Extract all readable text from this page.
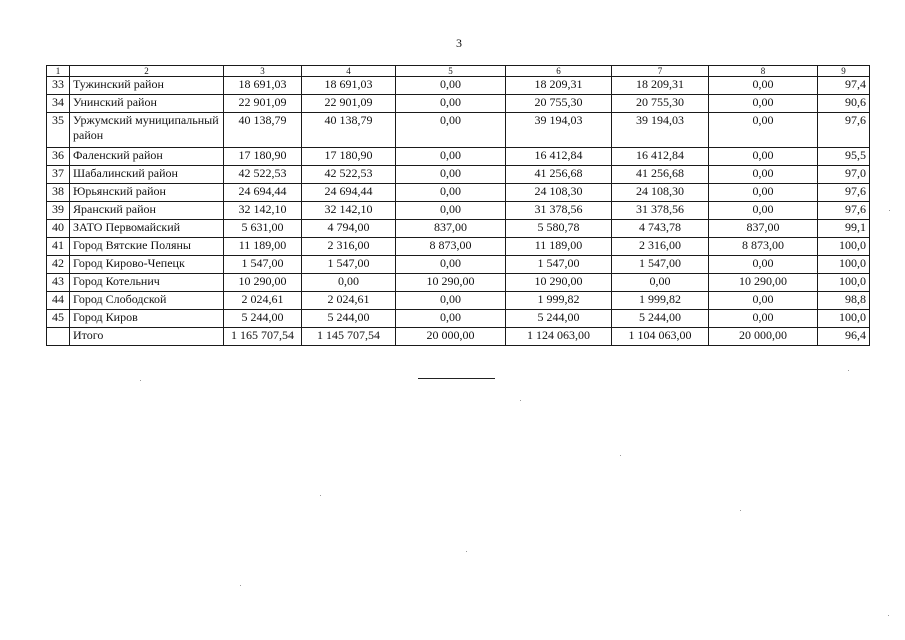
3
1	2	3	4	5	6	7	8	9
33	Тужинский район	18 691,03	18 691,03	0,00	18 209,31	18 209,31	0,00	97,4
34	Унинский район	22 901,09	22 901,09	0,00	20 755,30	20 755,30	0,00	90,6
35	Уржумский муниципальный район	40 138,79	40 138,79	0,00	39 194,03	39 194,03	0,00	97,6
36	Фаленский район	17 180,90	17 180,90	0,00	16 412,84	16 412,84	0,00	95,5
37	Шабалинский район	42 522,53	42 522,53	0,00	41 256,68	41 256,68	0,00	97,0
38	Юрьянский район	24 694,44	24 694,44	0,00	24 108,30	24 108,30	0,00	97,6
39	Яранский район	32 142,10	32 142,10	0,00	31 378,56	31 378,56	0,00	97,6
40	ЗАТО Первомайский	5 631,00	4 794,00	837,00	5 580,78	4 743,78	837,00	99,1
41	Город Вятские Поляны	11 189,00	2 316,00	8 873,00	11 189,00	2 316,00	8 873,00	100,0
42	Город Кирово-Чепецк	1 547,00	1 547,00	0,00	1 547,00	1 547,00	0,00	100,0
43	Город Котельнич	10 290,00	0,00	10 290,00	10 290,00	0,00	10 290,00	100,0
44	Город Слободской	2 024,61	2 024,61	0,00	1 999,82	1 999,82	0,00	98,8
45	Город Киров	5 244,00	5 244,00	0,00	5 244,00	5 244,00	0,00	100,0
	Итого	1 165 707,54	1 145 707,54	20 000,00	1 124 063,00	1 104 063,00	20 000,00	96,4
